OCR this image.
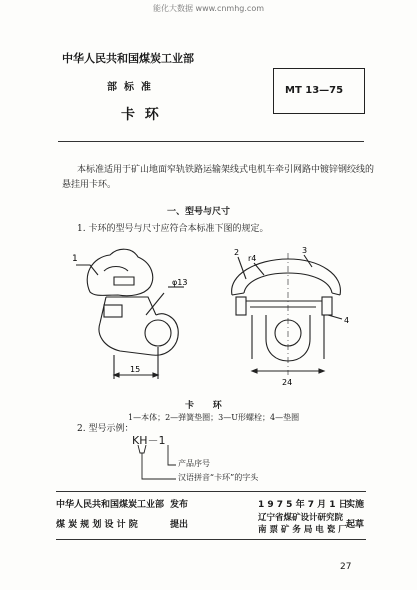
能化大数据 www.cnmhg.com
中华人民共和国煤炭工业部
部  标  准
卡  环
MT 13—75
本标准适用于矿山地面窄轨铁路运输架线式电机车牵引网路中镀锌钢绞线的
悬挂用卡环。
一、型号与尺寸
1. 卡环的型号与尺寸应符合本标准下图的规定。
1
φ13
15
2
r4
3
4
24
卡      环
1—本体；2—弹簧垫圈；3—U形螺栓；4—垫圈
2. 型号示例：
KH－1
产品序号
汉语拼音“卡环”的字头
中华人民共和国煤炭工业部 发布	1 9 7 5 年 7 月 1 日
实施
煤 炭 规 划 设 计 院	提出
辽宁省煤矿设计研究院
南 票 矿 务 局 电 瓷 厂 起草
27
